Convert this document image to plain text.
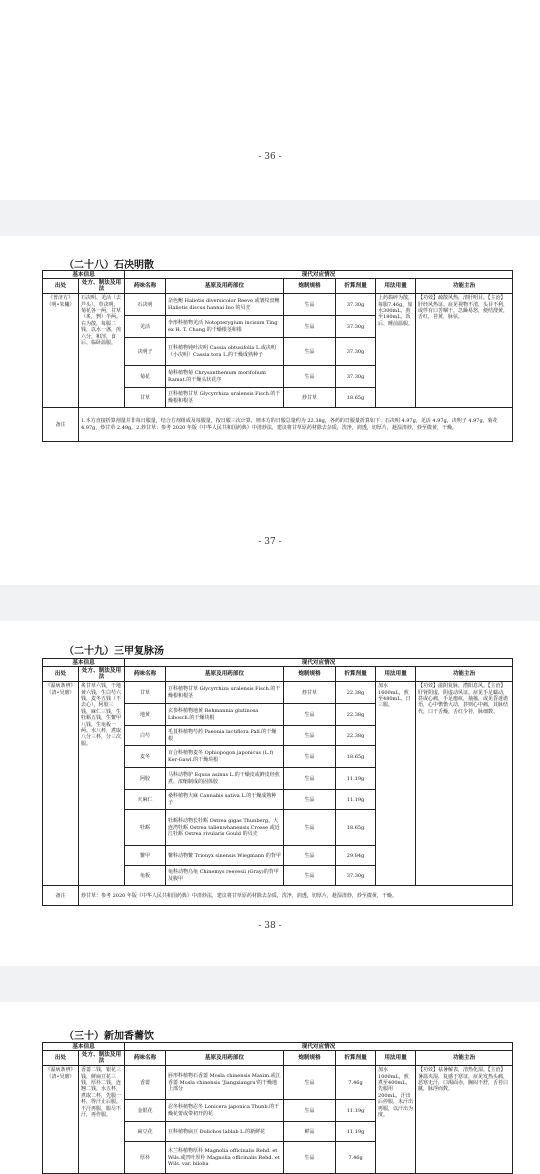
- 36 -
（二十八）石决明散
基本信息		现代对应情况					
出处	处方、制法及用法	药味名称	基原及用药部位	炮制规格	折算剂量	用法用量	功能主治
《普济方》（明•朱橚）	石决明、羌活（去芦头）、草决明、菊花各一两，甘草（炙，剉）半两。右为散，每服二钱，以水一盏，煎六分，和滓，食后、临卧温服。	石决明	杂色鲍 Haliotis diversicolor Reeve 或皱纹盘鲍 Haliotis discus hannai Ino 的贝壳	生品	37.30g	上药捣碎为散，每服7.46g，加水300mL，煎至180mL，饭后、睡前温服。	【功效】疏散风热，清肝明目。【主治】肝经风热证。症见视物不清，头目不利，或伴有口苦咽干，急躁易怒，便结溲黄，舌红，苔黄，脉弦。
		羌活	伞形科植物羌活 Notopterygium incisum Ting ex H. T. Chang 的干燥根茎和根	生品	37.30g		
		决明子	豆科植物钝叶决明 Cassia obtusifolia L.或决明（小决明）Cassia tora L.的干燥成熟种子	生品	37.30g		
		菊花	菊科植物菊 Chrysanthemum morifolium Ramat.的干燥头状花序	生品	37.30g		
		甘草	豆科植物甘草 Glycyrrhiza uralensis Fisch.的干燥根和根茎	炒甘草	18.65g		
备注	1.本方直接折算剂量并非每日服量，结合方剂组成及每服量，按日服三次计算，则本方的日服总量约为 22.38g，各药的日服量折算如下：石决明 4.97g，羌活 4.97g，决明子 4.97g，菊花 4.97g，炒甘草 2.49g。2.炒甘草：参考 2020 年版《中华人民共和国药典》中清炒法，建议将甘草原药材除去杂质，洗净，润透，切厚片，趁湿清炒，炒至微黄，干燥。						
- 37 -
（二十九）三甲复脉汤
基本信息		现代对应情况					
出处	处方、制法及用法	药味名称	基原及用药部位	炮制规格	折算剂量	用法用量	功能主治
《温病条辨》（清•吴瑭）	炙甘草六钱，干地黄六钱，生白芍六钱，麦冬五钱（不去心），阿胶三钱，麻仁三钱，生牡蛎五钱，生鳖甲八钱，生龟板一两。水八杯，煮取八分三杯，分三次服。	甘草	豆科植物甘草 Glycyrrhiza uralensis Fisch.的干燥根和根茎	炒甘草	22.38g	加水1600mL，煎至480mL，日三服。	【功效】滋阴复脉，潜阳息风。【主治】肝肾阴虚，阴虚动风证。症见手足蠕动，甚或心痛，手足瘛疭，抽搐，或见昏迷谵语，心中憺憺大动，甚则心中痛，其脉结代，口干舌燥，舌红少苔，脉细数。
		地黄	玄参科植物地黄 Rehmannia glutinosa Libosch.的干燥块根	生品	22.38g		
		白芍	毛茛科植物芍药 Paeonia lactiflora Pall.的干燥根	生品	22.38g		
		麦冬	百合科植物麦冬 Ophiopogon japonicus (L.f) Ker-Gawl.的干燥块根	生品	18.65g		
		阿胶	马科动物驴 Equus asinus L.的干燥皮或鲜皮经煎煮、浓缩制成的固体胶	生品	11.19g		
		火麻仁	桑科植物大麻 Cannabis sativa L.的干燥成熟种子	生品	11.19g		
		牡蛎	牡蛎科动物长牡蛎 Ostrea gigas Thunberg、大连湾牡蛎 Ostrea talienwhanensis Crosse 或近江牡蛎 Ostrea rivularis Gould 的贝壳	生品	18.65g		
		鳖甲	鳖科动物鳖 Trionyx sinensis Wiegmann 的背甲	生品	29.84g		
		龟板	龟科动物乌龟 Chinemys reevesii (Gray)的背甲及腹甲	生品	37.30g		
备注	炒甘草：参考 2020 年版《中华人民共和国药典》中清炒法，建议将甘草原药材除去杂质，洗净，润透，切厚片，趁湿清炒，炒至微黄，干燥。						
- 38 -
（三十）新加香薷饮
基本信息		现代对应情况					
出处	处方、制法及用法	药味名称	基原及用药部位	炮制规格	折算剂量	用法用量	功能主治
《温病条辨》（清•吴瑭）	香薷二钱，银花三钱，鲜扁豆花三钱，厚朴二钱，连翘二钱。水五杯，煮取二杯，先服一杯，得汗止后服。不汗再服，服尽不汗，再作服。	香薷	唇形科植物石香薷 Mosla chinensis Maxim.或江香薷 Mosla chinensis 'Jiangxiangru'的干燥地上部分	生品	7.46g	加水1000mL，煎煮至400mL，先服用200mL，汗出后停服，未汗出再服，以汗出为度。	【功效】祛暑解表，清热化湿。【主治】暑温夹湿，复感于寒证。症见发热头痛，恶寒无汗，口渴面赤，胸闷不舒，舌苔白腻，脉浮而数。
		金银花	忍冬科植物忍冬 Lonicera japonica Thunb.的干燥花蕾或带初开的花	生品	11.19g		
		扁豆花	豆科植物扁豆 Dolichos lablab L.的新鲜花	鲜品	11.19g		
		厚朴	木兰科植物厚朴 Magnolia officinalis Rehd. et Wils.或凹叶厚朴 Magnolia officinalis Rehd. et Wils. var. biloba	生品	7.46g		
